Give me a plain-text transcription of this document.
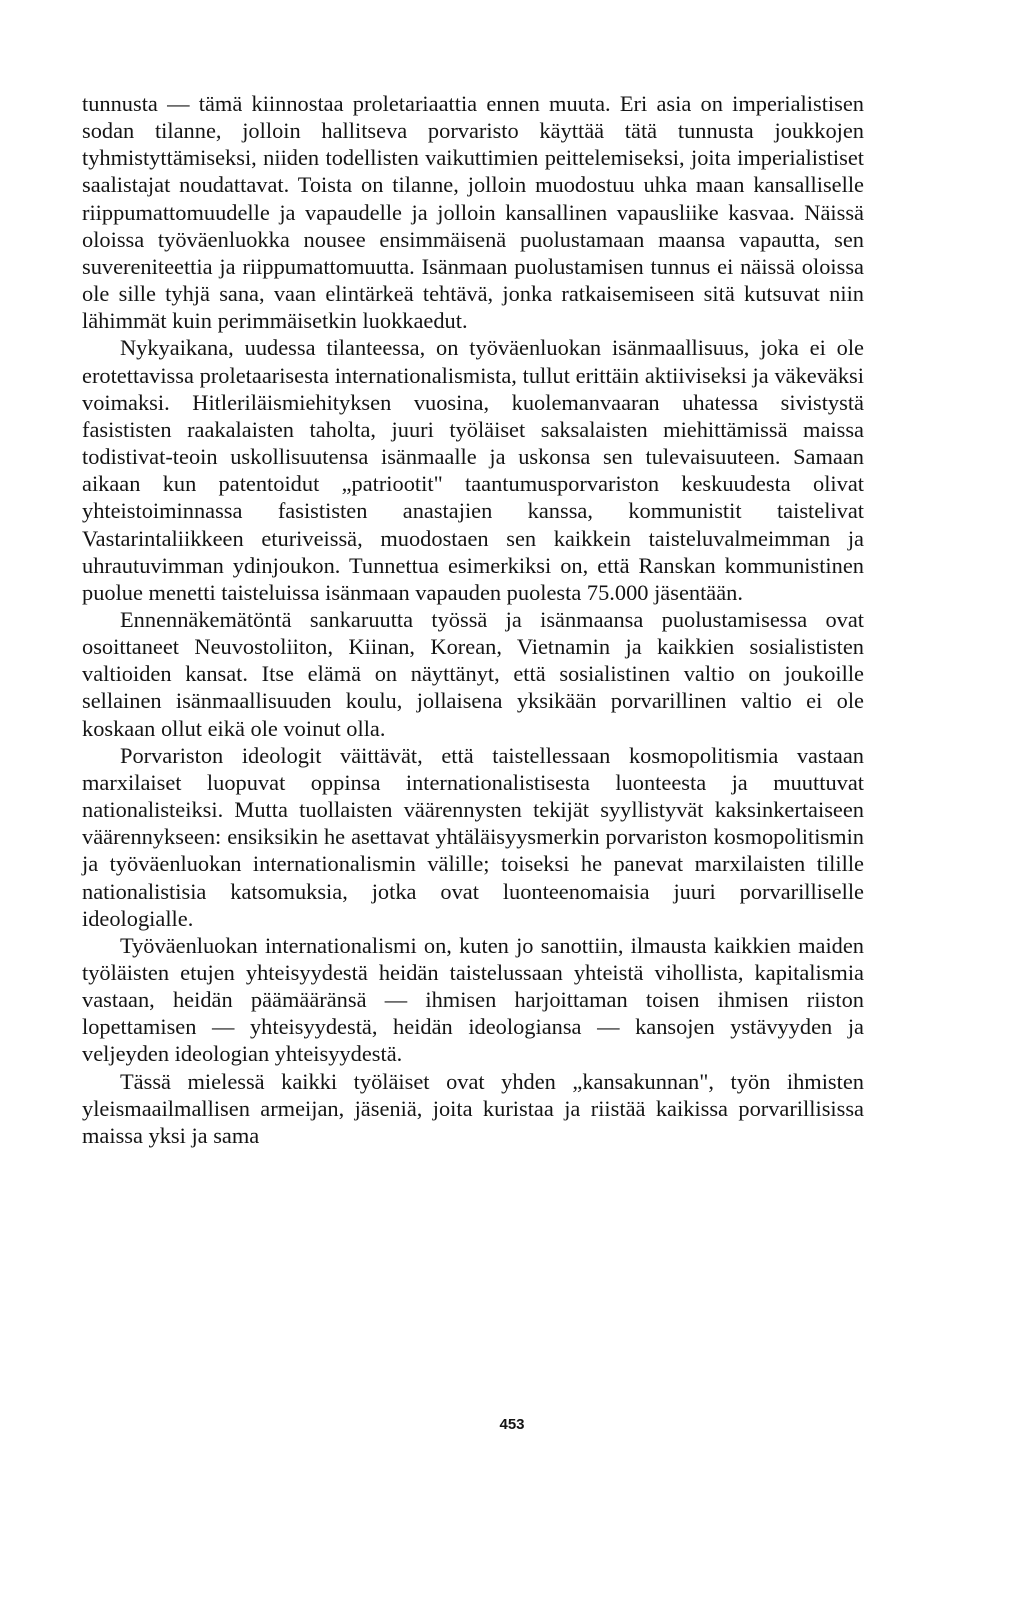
tunnusta — tämä kiinnostaa proletariaattia ennen muuta. Eri asia on imperialistisen sodan tilanne, jolloin hallitseva porvaristo käyttää tätä tunnusta joukkojen tyhmistyttämiseksi, niiden todellisten vaikuttimien peittelemiseksi, joita imperialistiset saalistajat noudattavat. Toista on tilanne, jolloin muodostuu uhka maan kansalliselle riippumattomuudelle ja vapaudelle ja jolloin kansallinen vapausliike kasvaa. Näissä oloissa työväenluokka nousee ensimmäisenä puolustamaan maansa vapautta, sen suvereniteettia ja riippumattomuutta. Isänmaan puolustamisen tunnus ei näissä oloissa ole sille tyhjä sana, vaan elintärkeä tehtävä, jonka ratkaisemiseen sitä kutsuvat niin lähimmät kuin perimmäisetkin luokkaedut.

Nykyaikana, uudessa tilanteessa, on työväenluokan isänmaallisuus, joka ei ole erotettavissa proletaarisesta internationalismista, tullut erittäin aktiiviseksi ja väkeväksi voimaksi. Hitleriläismiehityksen vuosina, kuolemanvaaran uhatessa sivistystä fasististen raakalaisten taholta, juuri työläiset saksalaisten miehittämissä maissa todistivat-teoin uskollisuutensa isänmaalle ja uskonsa sen tulevaisuuteen. Samaan aikaan kun patentoidut „patriootit" taantumusporvariston keskuudesta olivat yhteistoiminnassa fasististen anastajien kanssa, kommunistit taistelivat Vastarintaliikkeen eturiveissä, muodostaen sen kaikkein taisteluvalmeimman ja uhrautuvimman ydinjoukon. Tunnettua esimerkiksi on, että Ranskan kommunistinen puolue menetti taisteluissa isänmaan vapauden puolesta 75.000 jäsentään.

Ennennäkemätöntä sankaruutta työssä ja isänmaansa puolustamisessa ovat osoittaneet Neuvostoliiton, Kiinan, Korean, Vietnamin ja kaikkien sosialististen valtioiden kansat. Itse elämä on näyttänyt, että sosialistinen valtio on joukoille sellainen isänmaallisuuden koulu, jollaisena yksikään porvarillinen valtio ei ole koskaan ollut eikä ole voinut olla.

Porvariston ideologit väittävät, että taistellessaan kosmopolitismia vastaan marxilaiset luopuvat oppinsa internationalistisesta luonteesta ja muuttuvat nationalisteiksi. Mutta tuollaisten väärennysten tekijät syyllistyvät kaksinkertaiseen väärennykseen: ensiksikin he asettavat yhtäläisyysmerkin porvariston kosmopolitismin ja työväenluokan internationalismin välille; toiseksi he panevat marxilaisten tilille nationalistisia katsomuksia, jotka ovat luonteenomaisia juuri porvarilliselle ideologialle.

Työväenluokan internationalismi on, kuten jo sanottiin, ilmausta kaikkien maiden työläisten etujen yhteisyydestä heidän taistelussaan yhteistä vihollista, kapitalismia vastaan, heidän päämääränsä — ihmisen harjoittaman toisen ihmisen riiston lopettamisen — yhteisyydestä, heidän ideologiansa — kansojen ystävyyden ja veljeyden ideologian yhteisyydestä.

Tässä mielessä kaikki työläiset ovat yhden „kansakunnan", työn ihmisten yleismaailmallisen armeijan, jäseniä, joita kuristaa ja riistää kaikissa porvarillisissa maissa yksi ja sama

453
